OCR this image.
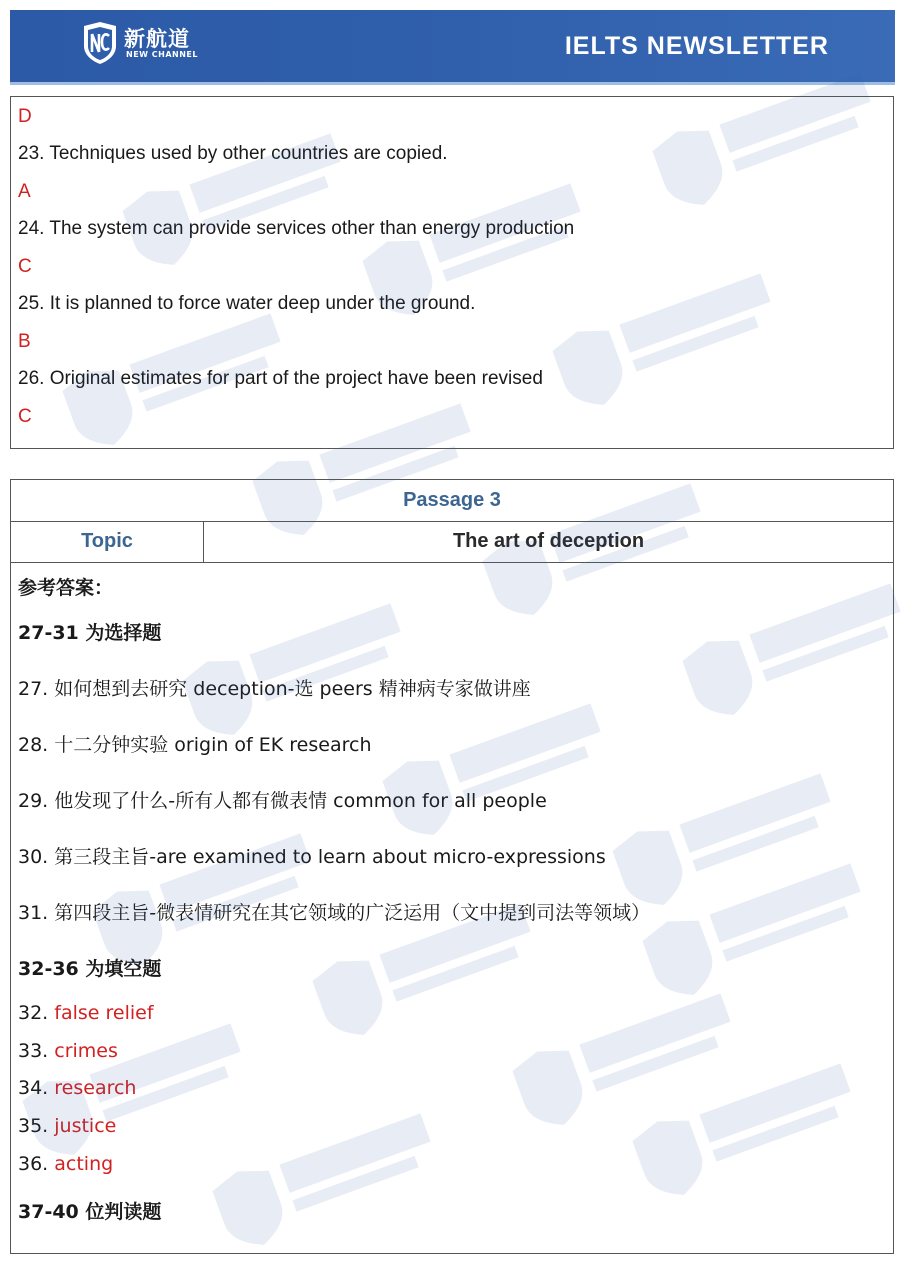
新航道
NEW CHANNEL	IELTS NEWSLETTER
D
23. Techniques used by other countries are copied.
A
24. The system can provide services other than energy production
C
25. It is planned to force water deep under the ground.
B
26. Original estimates for part of the project have been revised
C
Passage 3
Topic	The art of deception
参考答案：
27-31 为选择题
27. 如何想到去研究 deception-选 peers 精神病专家做讲座
28. 十二分钟实验 origin of EK research
29. 他发现了什么-所有人都有微表情 common for all people
30. 第三段主旨-are examined to learn about micro-expressions
31. 第四段主旨-微表情研究在其它领域的广泛运用（文中提到司法等领域）
32-36 为填空题
32. false relief
33. crimes
34. research
35. justice
36. acting
37-40 位判读题
